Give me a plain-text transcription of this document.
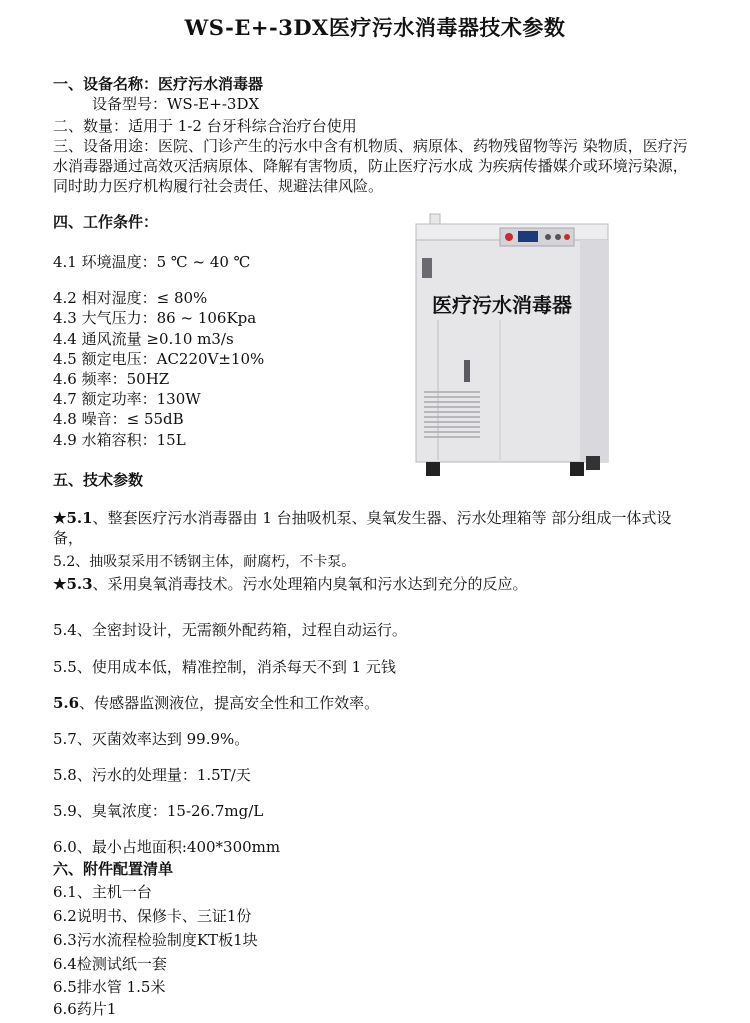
WS-E+-3DX医疗污水消毒器技术参数
一、设备名称：医疗污水消毒器
设备型号：WS-E+-3DX
二、数量：适用于 1-2 台牙科综合治疗台使用
三、设备用途：医院、门诊产生的污水中含有机物质、病原体、药物残留物等污 染物质，医疗污水消毒器通过高效灭活病原体、降解有害物质，防止医疗污水成 为疾病传播媒介或环境污染源，同时助力医疗机构履行社会责任、规避法律风险。
四、工作条件：
4.1 环境温度：5 ℃ ~ 40 ℃
4.2 相对湿度：≤ 80%
4.3 大气压力：86 ~ 106Kpa
4.4 通风流量 ≥0.10 m3/s
4.5 额定电压：AC220V±10%
4.6 频率：50HZ
4.7 额定功率：130W
4.8 噪音：≤ 55dB
4.9 水箱容积：15L
医疗污水消毒器
五、技术参数
★5.1、整套医疗污水消毒器由 1 台抽吸机泵、臭氧发生器、污水处理箱等 部分组成一体式设备，
5.2、抽吸泵采用不锈钢主体，耐腐朽，不卡泵。
★5.3、采用臭氧消毒技术。污水处理箱内臭氧和污水达到充分的反应。
5.4、全密封设计，无需额外配药箱，过程自动运行。
5.5、使用成本低，精准控制，消杀每天不到 1 元钱
5.6、传感器监测液位，提高安全性和工作效率。
5.7、灭菌效率达到 99.9%。
5.8、污水的处理量：1.5T/天
5.9、臭氧浓度：15-26.7mg/L
6.0、最小占地面积:400*300mm
六、附件配置清单
6.1、主机一台
6.2说明书、保修卡、三证1份
6.3污水流程检验制度KT板1块
6.4检测试纸一套
6.5排水管 1.5米
6.6药片1
